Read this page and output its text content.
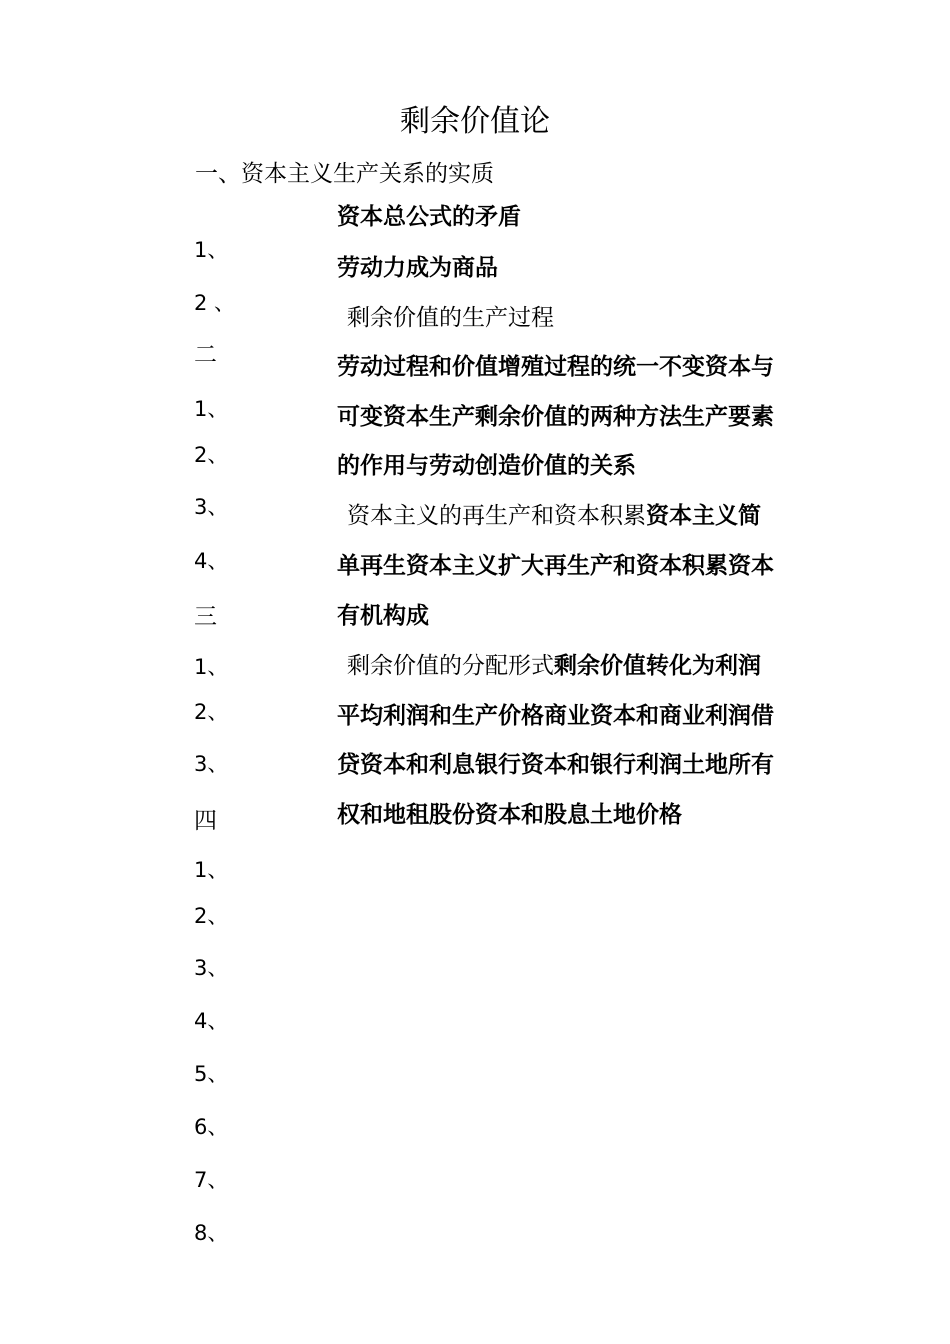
剩余价值论
一、资本主义生产关系的实质
1、
2 、
二
1、
2、
3、
4、
三
1、
2、
3、
四
1、
2、
3、
4、
5、
6、
7、
8、
资本总公式的矛盾
劳动力成为商品
剩余价值的生产过程
劳动过程和价值增殖过程的统一不变资本与
可变资本生产剩余价值的两种方法生产要素
的作用与劳动创造价值的关系
资本主义的再生产和资本积累资本主义简
单再生资本主义扩大再生产和资本积累资本
有机构成
剩余价值的分配形式剩余价值转化为利润
平均利润和生产价格商业资本和商业利润借
贷资本和利息银行资本和银行利润土地所有
权和地租股份资本和股息土地价格
